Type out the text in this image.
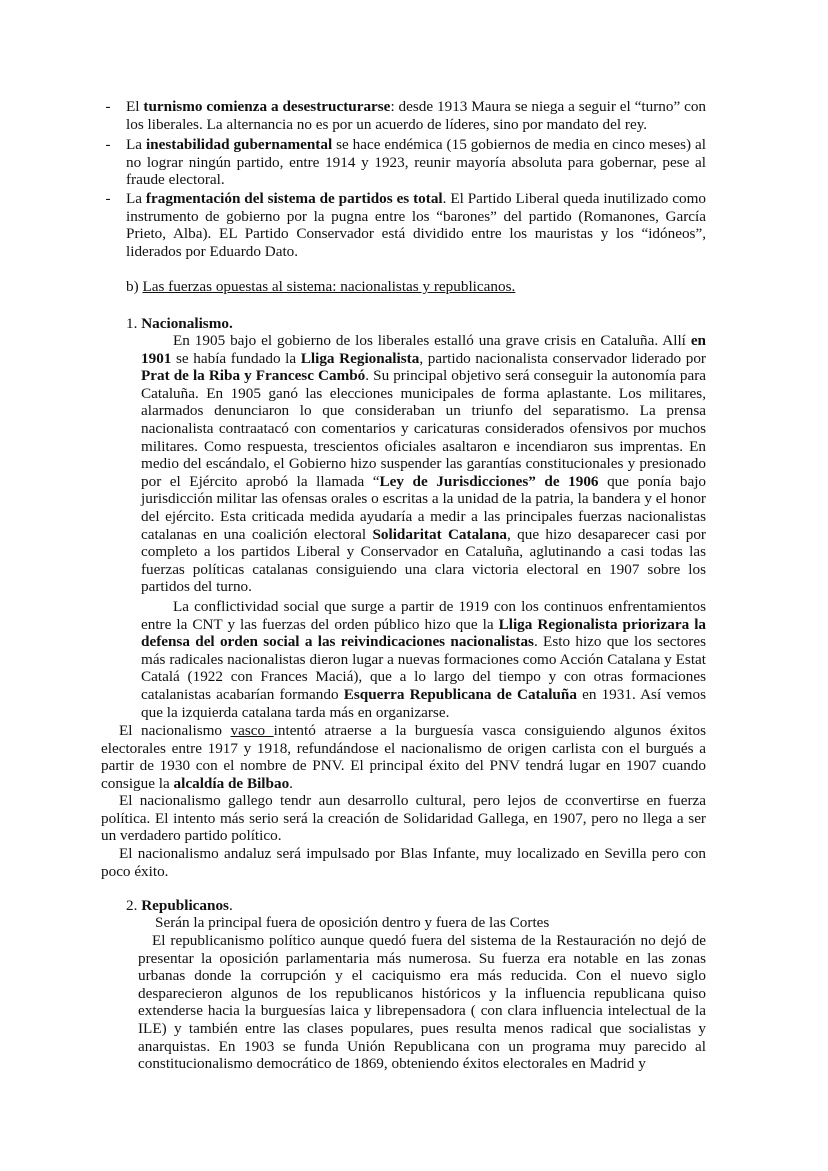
- El turnismo comienza a desestructurarse: desde 1913 Maura se niega a seguir el “turno” con los liberales. La alternancia no es por un acuerdo de líderes, sino por mandato del rey.
- La inestabilidad gubernamental se hace endémica (15 gobiernos de media en cinco meses) al no lograr ningún partido, entre 1914 y 1923, reunir mayoría absoluta para gobernar, pese al fraude electoral.
- La fragmentación del sistema de partidos es total. El Partido Liberal queda inutilizado como instrumento de gobierno por la pugna entre los “barones” del partido (Romanones, García Prieto, Alba). EL Partido Conservador está dividido entre los mauristas y los “idóneos”, liderados por Eduardo Dato.
b) Las fuerzas opuestas al sistema: nacionalistas y republicanos.
1. Nacionalismo.
En 1905 bajo el gobierno de los liberales estalló una grave crisis en Cataluña. Allí en 1901 se había fundado la Lliga Regionalista, partido nacionalista conservador liderado por Prat de la Riba y Francesc Cambó. Su principal objetivo será conseguir la autonomía para Cataluña. En 1905 ganó las elecciones municipales de forma aplastante. Los militares, alarmados denunciaron lo que consideraban un triunfo del separatismo. La prensa nacionalista contraatacó con comentarios y caricaturas considerados ofensivos por muchos militares. Como respuesta, trescientos oficiales asaltaron e incendiaron sus imprentas. En medio del escándalo, el Gobierno hizo suspender las garantías constitucionales y presionado por el Ejército aprobó la llamada “Ley de Jurisdicciones” de 1906 que ponía bajo jurisdicción militar las ofensas orales o escritas a la unidad de la patria, la bandera y el honor del ejército. Esta criticada medida ayudaría a medir a las principales fuerzas nacionalistas catalanas en una coalición electoral Solidaritat Catalana, que hizo desaparecer casi por completo a los partidos Liberal y Conservador en Cataluña, aglutinando a casi todas las fuerzas políticas catalanas consiguiendo una clara victoria electoral en 1907 sobre los partidos del turno.
La conflictividad social que surge a partir de 1919 con los continuos enfrentamientos entre la CNT y las fuerzas del orden público hizo que la Lliga Regionalista priorizara la defensa del orden social a las reivindicaciones nacionalistas. Esto hizo que los sectores más radicales nacionalistas dieron lugar a nuevas formaciones como Acción Catalana y Estat Catalá (1922 con Frances Maciá), que a lo largo del tiempo y con otras formaciones catalanistas acabarían formando Esquerra Republicana de Cataluña en 1931. Así vemos que la izquierda catalana tarda más en organizarse.
El nacionalismo vasco intentó atraerse a la burguesía vasca consiguiendo algunos éxitos electorales entre 1917 y 1918, refundándose el nacionalismo de origen carlista con el burgués a partir de 1930 con el nombre de PNV. El principal éxito del PNV tendrá lugar en 1907 cuando consigue la alcaldía de Bilbao.
El nacionalismo gallego tendr aun desarrollo cultural, pero lejos de cconvertirse en fuerza política. El intento más serio será la creación de Solidaridad Gallega, en 1907, pero no llega a ser un verdadero partido político.
El nacionalismo andaluz será impulsado por Blas Infante, muy localizado en Sevilla pero con poco éxito.
2. Republicanos.
Serán la principal fuera de oposición dentro y fuera de las Cortes
El republicanismo político aunque quedó fuera del sistema de la Restauración no dejó de presentar la oposición parlamentaria más numerosa. Su fuerza era notable en las zonas urbanas donde la corrupción y el caciquismo era más reducida. Con el nuevo siglo desparecieron algunos de los republicanos históricos y la influencia republicana quiso extenderse hacia la burguesías laica y librepensadora ( con clara influencia intelectual de la ILE) y también entre las clases populares, pues resulta menos radical que socialistas y anarquistas. En 1903 se funda Unión Republicana con un programa muy parecido al constitucionalismo democrático de 1869, obteniendo éxitos electorales en Madrid y
